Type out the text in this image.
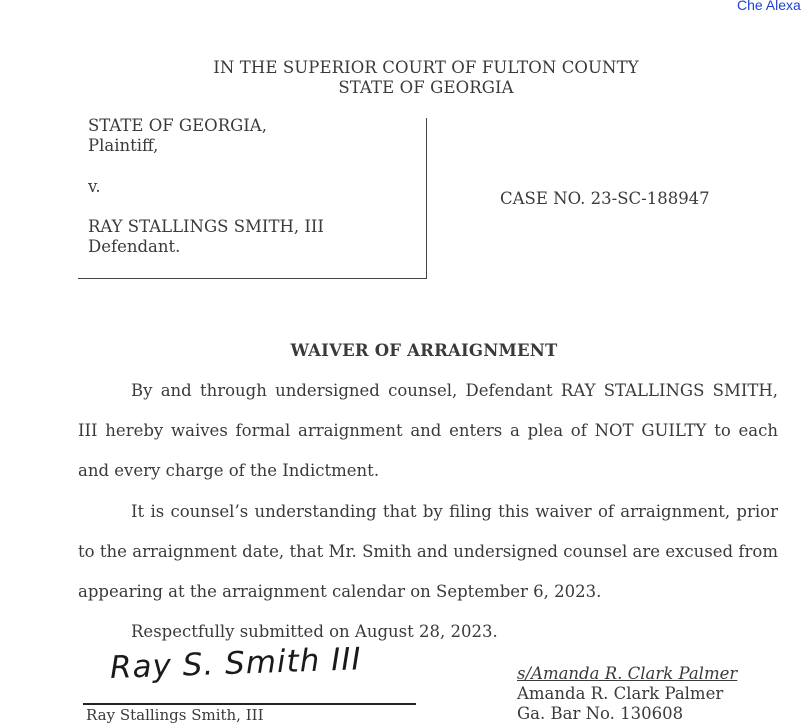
Che Alexa
IN THE SUPERIOR COURT OF FULTON COUNTY
STATE OF GEORGIA
STATE OF GEORGIA,
Plaintiff,
v.
RAY STALLINGS SMITH, III
Defendant.
CASE NO. 23-SC-188947
WAIVER OF ARRAIGNMENT
By and through undersigned counsel, Defendant RAY STALLINGS SMITH, III hereby waives formal arraignment and enters a plea of NOT GUILTY to each and every charge of the Indictment.
It is counsel’s understanding that by filing this waiver of arraignment, prior to the arraignment date, that Mr. Smith and undersigned counsel are excused from appearing at the arraignment calendar on September 6, 2023.
Respectfully submitted on August 28, 2023.
Ray S. Smith III
Ray Stallings Smith, III
s/Amanda R. Clark Palmer
Amanda R. Clark Palmer
Ga. Bar No. 130608
